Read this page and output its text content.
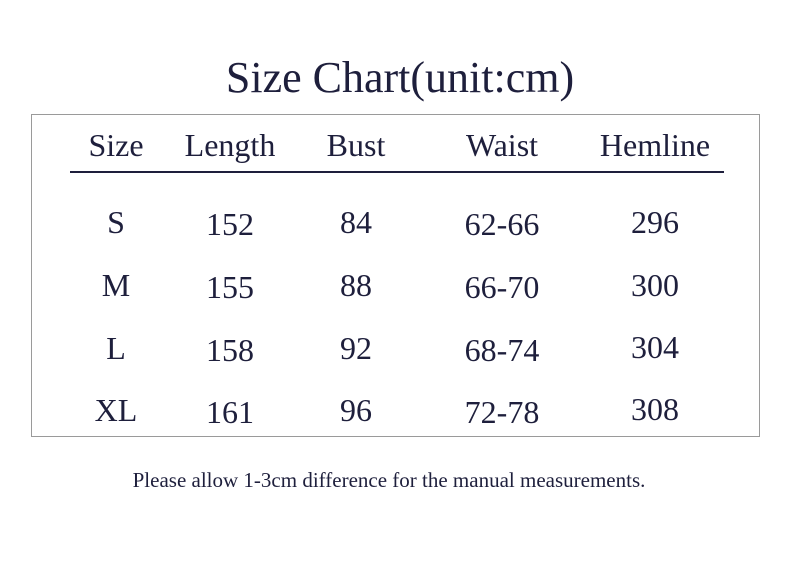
Size Chart(unit:cm)
Size	Length	Bust	Waist	Hemline
S	152	84	62-66	296
M	155	88	66-70	300
L	158	92	68-74	304
XL	161	96	72-78	308
Please allow 1-3cm difference for the manual measurements.
